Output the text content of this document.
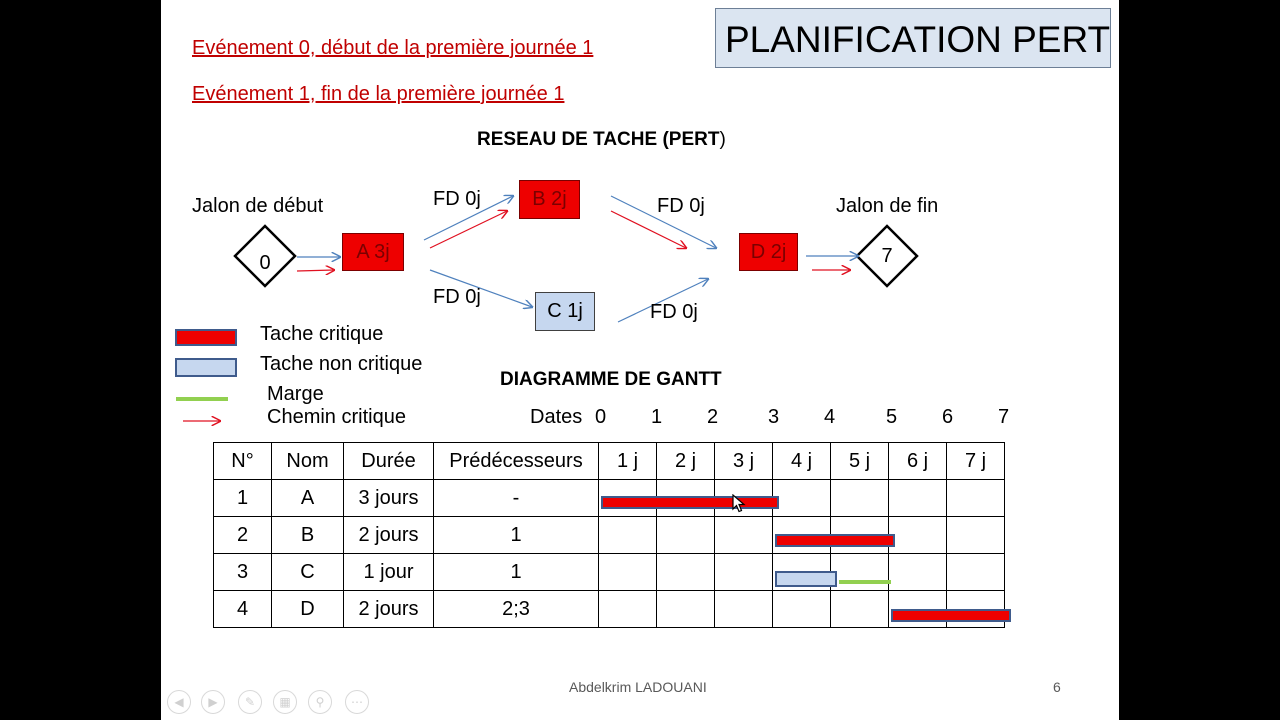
Evénement 0, début de la première journée 1
Evénement 1, fin de la première journée 1
PLANIFICATION PERT
RESEAU DE TACHE (PERT)
Jalon de début	Jalon de fin
0	7
A 3j
B 2j
C 1j
D 2j
FD 0j
FD 0j
FD 0j
FD 0j
Tache critique
Tache non critique
Marge
Chemin critique
DIAGRAMME DE GANTT
Dates 0 1 2 3 4	5 6 7
N°	Nom	Durée	Prédécesseurs	1 j	2 j	3 j	4 j	5 j	6 j	7 j
1	A	3 jours	-							
2	B	2 jours	1							
3	C	1 jour	1							
4	D	2 jours	2;3							
Abdelkrim LADOUANI	6
◀	▶	✎	▦	⚲	⋯
